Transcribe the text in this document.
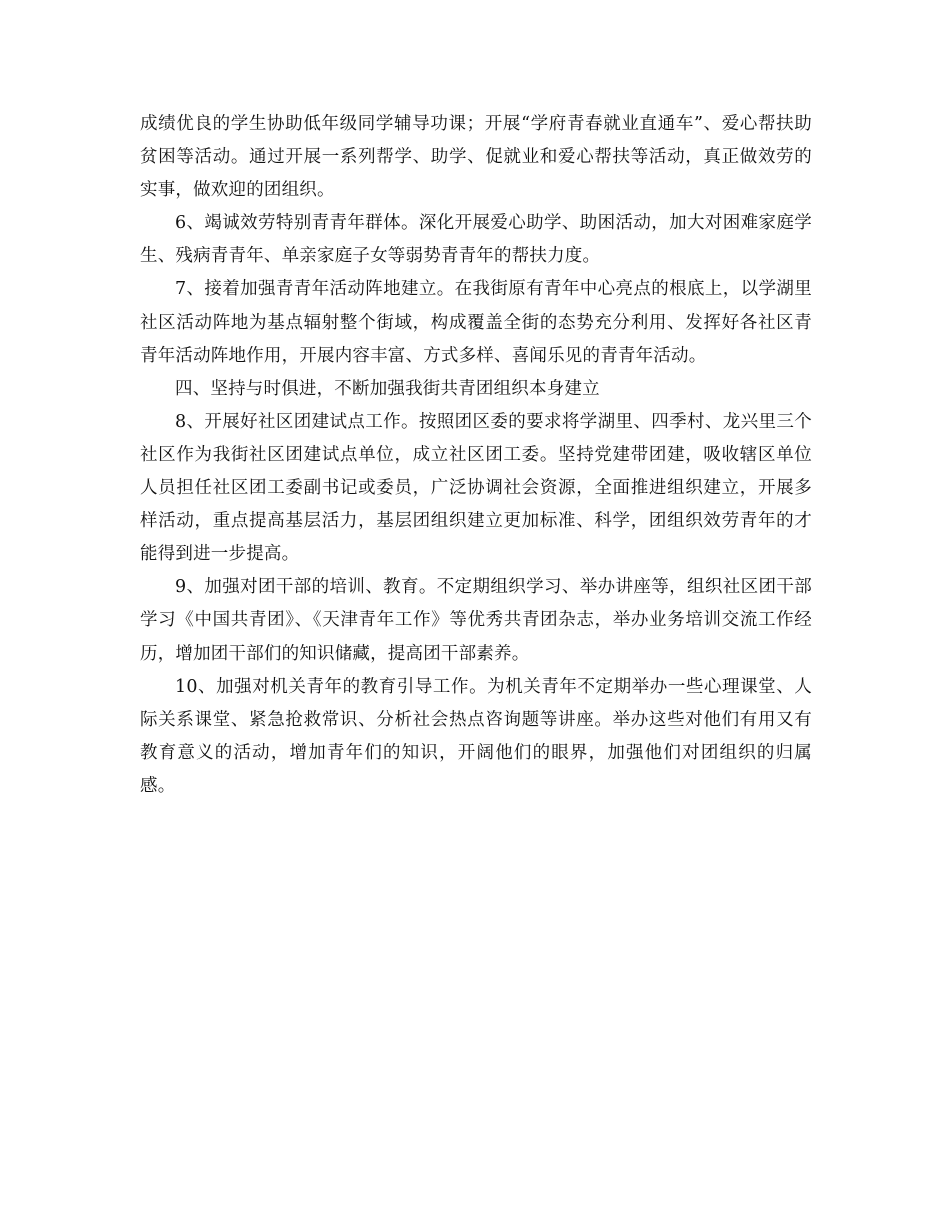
成绩优良的学生协助低年级同学辅导功课；开展“学府青春就业直通车”、爱心帮扶助贫困等活动。通过开展一系列帮学、助学、促就业和爱心帮扶等活动，真正做效劳的实事，做欢迎的团组织。

6、竭诚效劳特别青青年群体。深化开展爱心助学、助困活动，加大对困难家庭学生、残病青青年、单亲家庭子女等弱势青青年的帮扶力度。

7、接着加强青青年活动阵地建立。在我街原有青年中心亮点的根底上，以学湖里社区活动阵地为基点辐射整个街域，构成覆盖全街的态势充分利用、发挥好各社区青青年活动阵地作用，开展内容丰富、方式多样、喜闻乐见的青青年活动。

四、坚持与时俱进，不断加强我街共青团组织本身建立

8、开展好社区团建试点工作。按照团区委的要求将学湖里、四季村、龙兴里三个社区作为我街社区团建试点单位，成立社区团工委。坚持党建带团建，吸收辖区单位人员担任社区团工委副书记或委员，广泛协调社会资源，全面推进组织建立，开展多样活动，重点提高基层活力，基层团组织建立更加标准、科学，团组织效劳青年的才能得到进一步提高。

9、加强对团干部的培训、教育。不定期组织学习、举办讲座等，组织社区团干部学习《中国共青团》、《天津青年工作》等优秀共青团杂志，举办业务培训交流工作经历，增加团干部们的知识储藏，提高团干部素养。

10、加强对机关青年的教育引导工作。为机关青年不定期举办一些心理课堂、人际关系课堂、紧急抢救常识、分析社会热点咨询题等讲座。举办这些对他们有用又有教育意义的活动，增加青年们的知识，开阔他们的眼界，加强他们对团组织的归属感。
